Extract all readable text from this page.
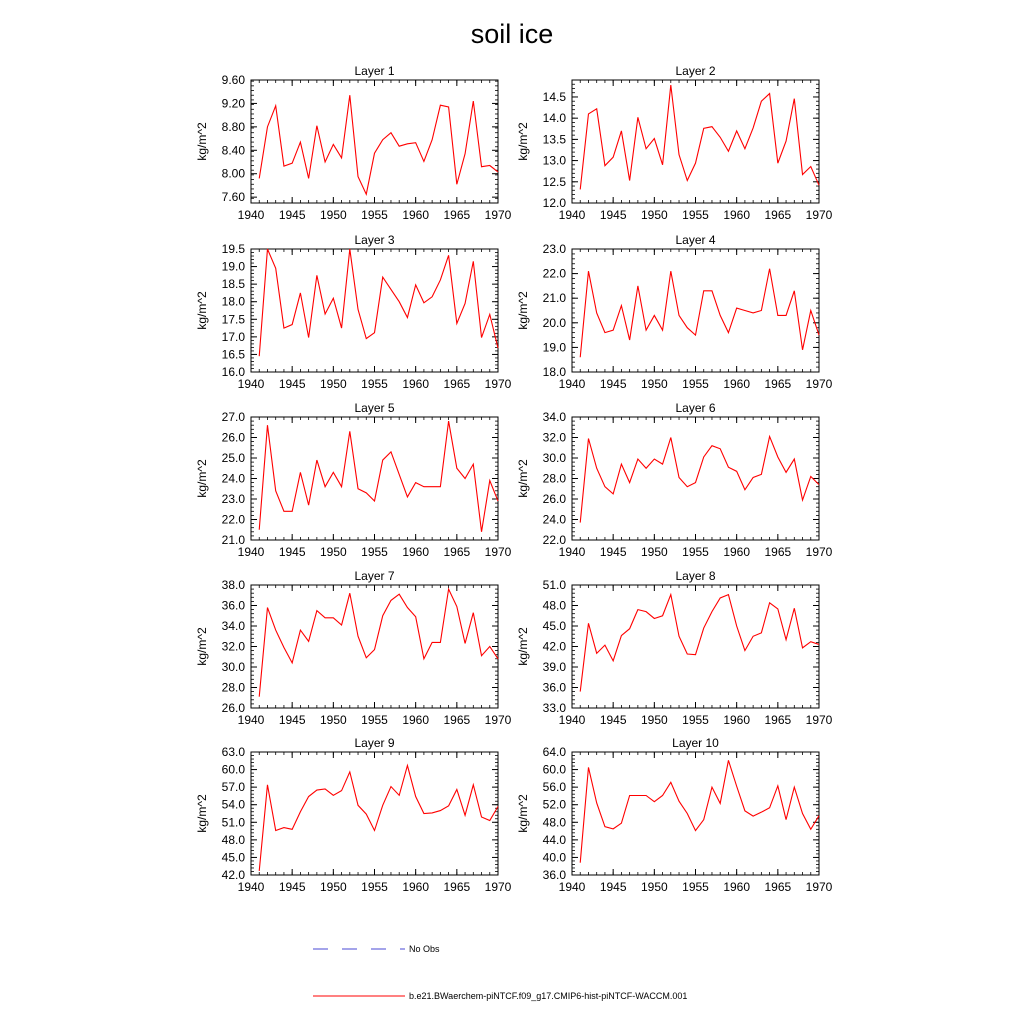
soil ice
Layer 1
kg/m^2
1940 1945 1950 1955 1960 1965 1970
7.60
8.00
8.40
8.80
9.20
9.60
Layer 2
kg/m^2
1940 1945 1950 1955 1960 1965 1970
12.0
12.5
13.0
13.5
14.0
14.5
Layer 3
kg/m^2
1940 1945 1950 1955 1960 1965 1970
16.0
16.5
17.0
17.5
18.0
18.5
19.0
19.5
Layer 4
kg/m^2
1940 1945 1950 1955 1960 1965 1970
18.0
19.0
20.0
21.0
22.0
23.0
Layer 5
kg/m^2
1940 1945 1950 1955 1960 1965 1970
21.0
22.0
23.0
24.0
25.0
26.0
27.0
Layer 6
kg/m^2
1940 1945 1950 1955 1960 1965 1970
22.0
24.0
26.0
28.0
30.0
32.0
34.0
Layer 7
kg/m^2
1940 1945 1950 1955 1960 1965 1970
26.0
28.0
30.0
32.0
34.0
36.0
38.0
Layer 8
kg/m^2
1940 1945 1950 1955 1960 1965 1970
33.0
36.0
39.0
42.0
45.0
48.0
51.0
Layer 9
kg/m^2
1940 1945 1950 1955 1960 1965 1970
42.0
45.0
48.0
51.0
54.0
57.0
60.0
63.0
Layer 10
kg/m^2
1940 1945 1950 1955 1960 1965 1970
36.0
40.0
44.0
48.0
52.0
56.0
60.0
64.0
No Obs
b.e21.BWaerchem-piNTCF.f09_g17.CMIP6-hist-piNTCF-WACCM.001
